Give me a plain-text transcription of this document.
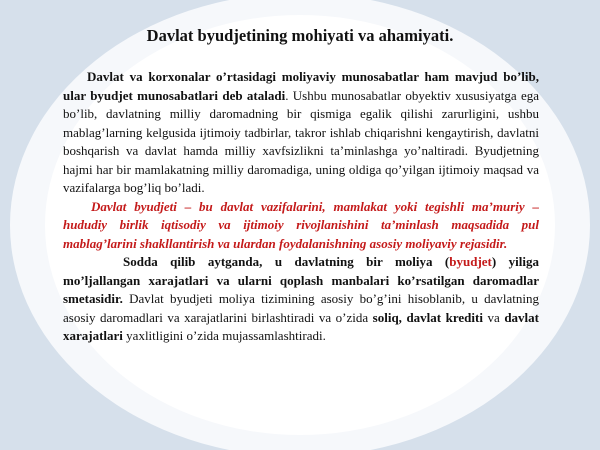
Davlat byudjetining mohiyati va ahamiyati.

Davlat va korxonalar o’rtasidagi moliyaviy munosabatlar ham mavjud bo’lib, ular byudjet munosabatlari deb ataladi. Ushbu munosabatlar obyektiv xususiyatga ega bo’lib, davlatning milliy daromadning bir qismiga egalik qilishi zarurligini, ushbu mablag’larning kelgusida ijtimoiy tadbirlar, takror ishlab chiqarishni kengaytirish, davlatni boshqarish va davlat hamda milliy xavfsizlikni ta’minlashga yo’naltiradi. Byudjetning hajmi har bir mamlakatning milliy daromadiga, uning oldiga qo’yilgan ijtimoiy maqsad va vazifalarga bog’liq bo’ladi.

Davlat byudjeti – bu davlat vazifalarini, mamlakat yoki tegishli ma’muriy – hududiy birlik iqtisodiy va ijtimoiy rivojlanishini ta’minlash maqsadida pul mablag’larini shakllantirish va ulardan foydalanishning asosiy moliyaviy rejasidir.

Sodda qilib aytganda, u davlatning bir moliya (byudjet) yiligа mo’ljallangan xarajatlari va ularni qoplash manbalari ko’rsatilgan daromadlar smetasidir. Davlat byudjeti moliya tizimining asosiy bo’g’ini hisoblanib, u davlatning asosiy daromadlari va xarajatlarini birlashtiradi va o’zida soliq, davlat krediti va davlat xarajatlari yaxlitligini o’zida mujassamlashtiradi.
